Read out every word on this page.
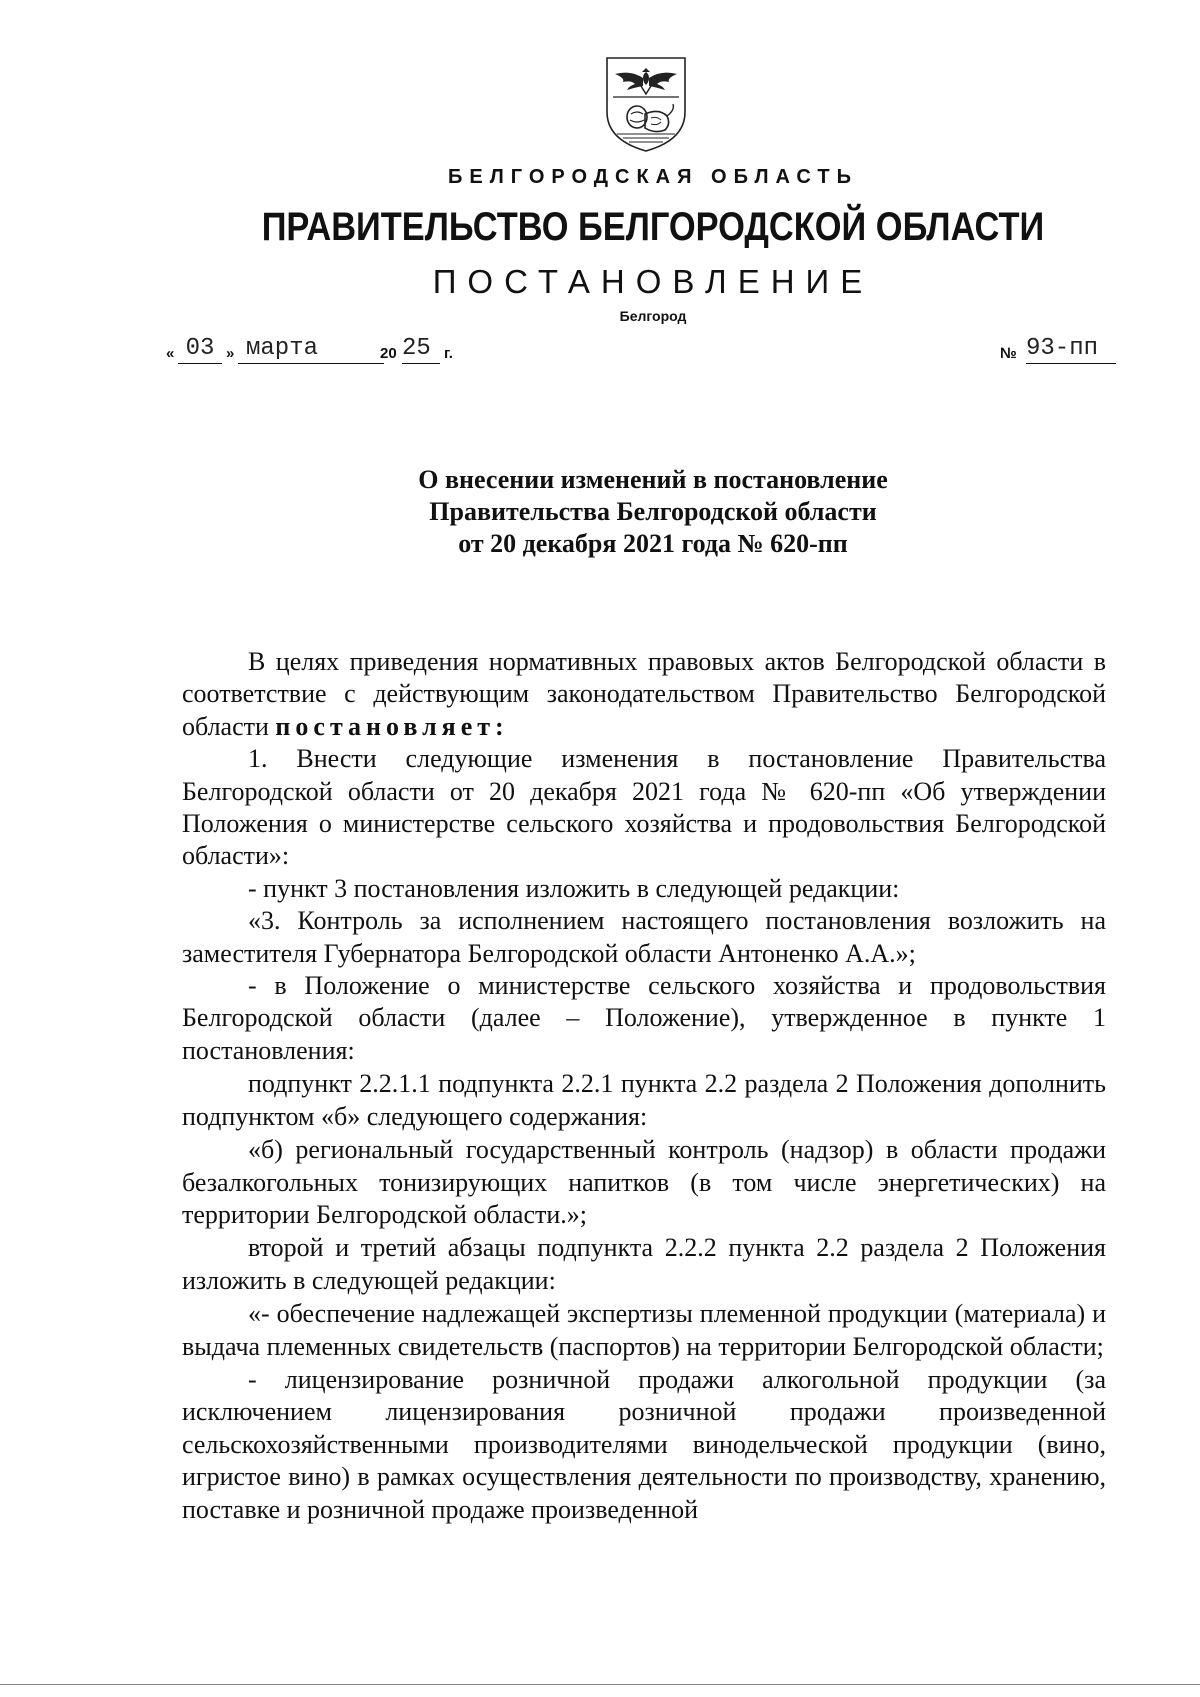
БЕЛГОРОДСКАЯ ОБЛАСТЬ
ПРАВИТЕЛЬСТВО БЕЛГОРОДСКОЙ ОБЛАСТИ
ПОСТАНОВЛЕНИЕ
Белгород
« 03 » марта	20 25 г.	№ 93-пп
О внесении изменений в постановление
Правительства Белгородской области
от 20 декабря 2021 года № 620-пп

В целях приведения нормативных правовых актов Белгородской области в соответствие с действующим законодательством Правительство Белгородской области постановляет:

1. Внести следующие изменения в постановление Правительства Белгородской области от 20 декабря 2021 года № 620-пп «Об утверждении Положения о министерстве сельского хозяйства и продовольствия Белгородской области»:

- пункт 3 постановления изложить в следующей редакции:

«3. Контроль за исполнением настоящего постановления возложить на заместителя Губернатора Белгородской области Антоненко А.А.»;

- в Положение о министерстве сельского хозяйства и продовольствия Белгородской области (далее – Положение), утвержденное в пункте 1 постановления:

подпункт 2.2.1.1 подпункта 2.2.1 пункта 2.2 раздела 2 Положения дополнить подпунктом «б» следующего содержания:

«б) региональный государственный контроль (надзор) в области продажи безалкогольных тонизирующих напитков (в том числе энергетических) на территории Белгородской области.»;

второй и третий абзацы подпункта 2.2.2 пункта 2.2 раздела 2 Положения изложить в следующей редакции:

«- обеспечение надлежащей экспертизы племенной продукции (материала) и выдача племенных свидетельств (паспортов) на территории Белгородской области;

- лицензирование розничной продажи алкогольной продукции (за исключением лицензирования розничной продажи произведенной сельскохозяйственными производителями винодельческой продукции (вино, игристое вино) в рамках осуществления деятельности по производству, хранению, поставке и розничной продаже произведенной
